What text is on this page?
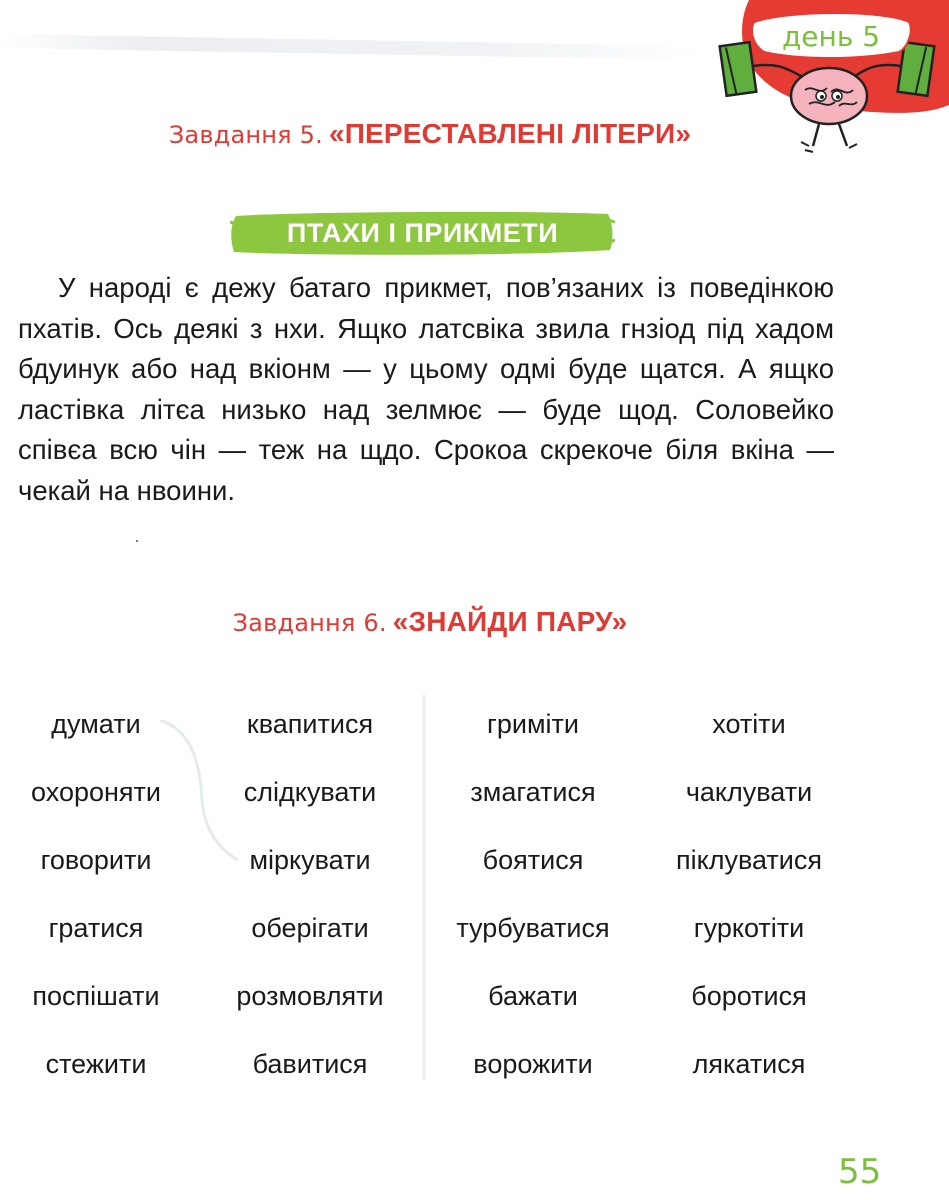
день 5
Завдання 5. «ПЕРЕСТАВЛЕНІ ЛІТЕРИ»
ПТАХИ І ПРИКМЕТИ
У народі є дежу батаго прикмет, пов’язаних із поведінкою пхатів. Ось деякі з нхи. Ящко латсвіка звила гнзіод під хадом бдуинук або над вкіонм — у цьому одмі буде щатся. А ящко ластівка літєа низько над зелмює — буде щод. Соловейко співєа всю чін — теж на щдо. Срокоа скрекоче біля вкіна — чекай на нвоини.
Завдання 6. «ЗНАЙДИ ПАРУ»
думати	квапитися	гриміти	хотіти
охороняти	слідкувати	змагатися	чаклувати
говорити	міркувати	боятися	піклуватися
гратися	оберігати	турбуватися	гуркотіти
поспішати	розмовляти	бажати	боротися
стежити	бавитися	ворожити	лякатися
55
